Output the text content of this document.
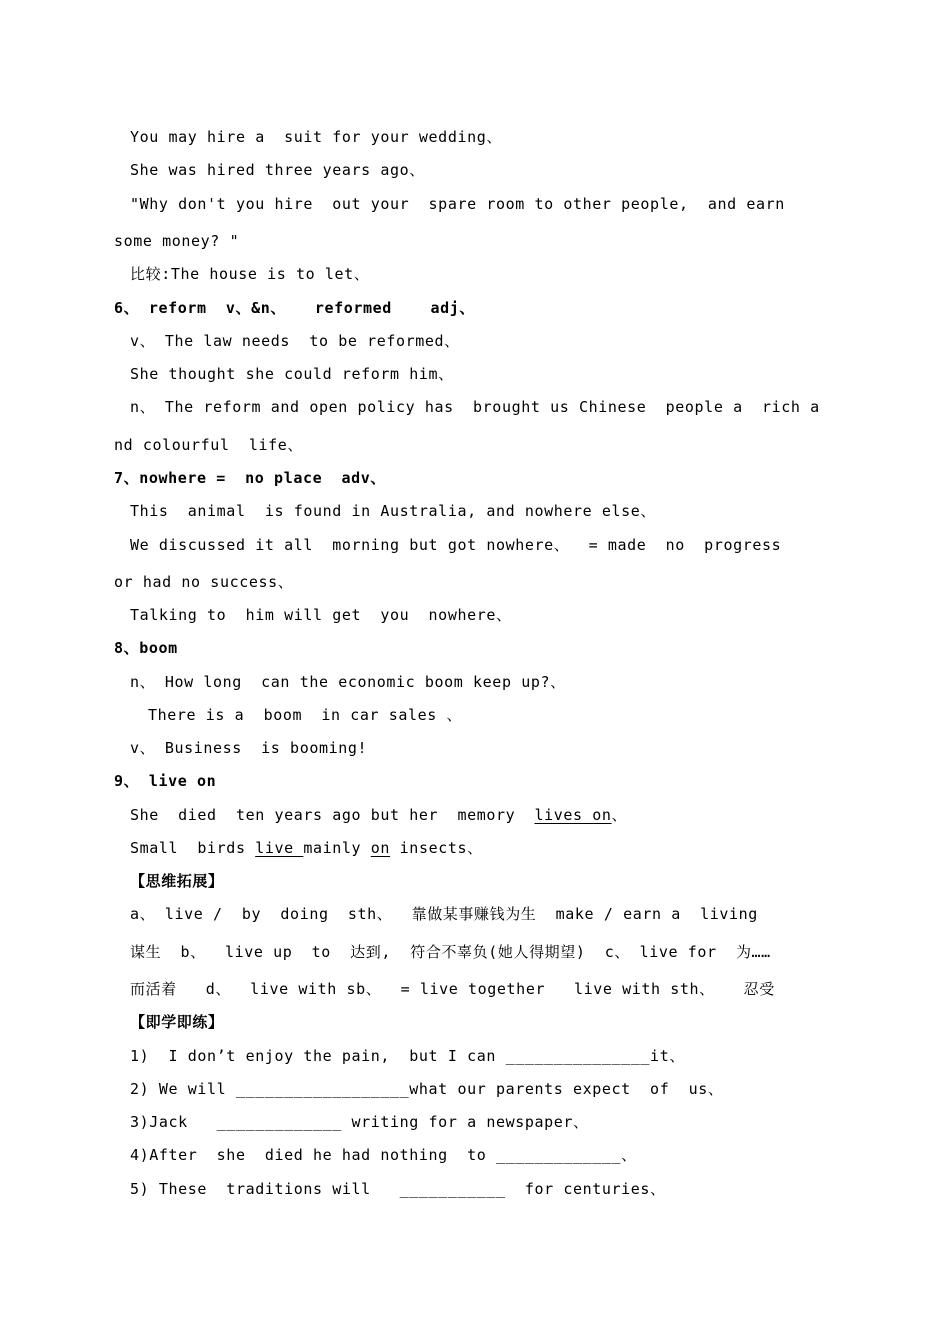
You may hire a  suit for your wedding、
She was hired three years ago、
"Why don't you hire  out your  spare room to other people,  and earn
some money? "
比较:The house is to let、
6、 reform  v、&n、   reformed    adj、
v、 The law needs  to be reformed、
She thought she could reform him、
n、 The reform and open policy has  brought us Chinese  people a  rich a
nd colourful  life、
7、nowhere =  no place  adv、
This  animal  is found in Australia, and nowhere else、
We discussed it all  morning but got nowhere、  = made  no  progress
or had no success、
Talking to  him will get  you  nowhere、
8、boom
n、 How long  can the economic boom keep up?、
There is a  boom  in car sales 、
v、 Business  is booming!
9、 live on
She  died  ten years ago but her  memory  lives on、
Small  birds live mainly on insects、
【思维拓展】
a、 live /  by  doing  sth、  靠做某事赚钱为生  make / earn a  living
谋生  b、  live up  to  达到,  符合不辜负(她人得期望)  c、 live for  为……
而活着   d、  live with sb、  = live together   live with sth、   忍受
【即学即练】
1)  I don’t enjoy the pain,  but I can _______________it、
2) We will __________________what our parents expect  of  us、
3)Jack   _____________ writing for a newspaper、
4)After  she  died he had nothing  to _____________、
5) These  traditions will   ___________  for centuries、
